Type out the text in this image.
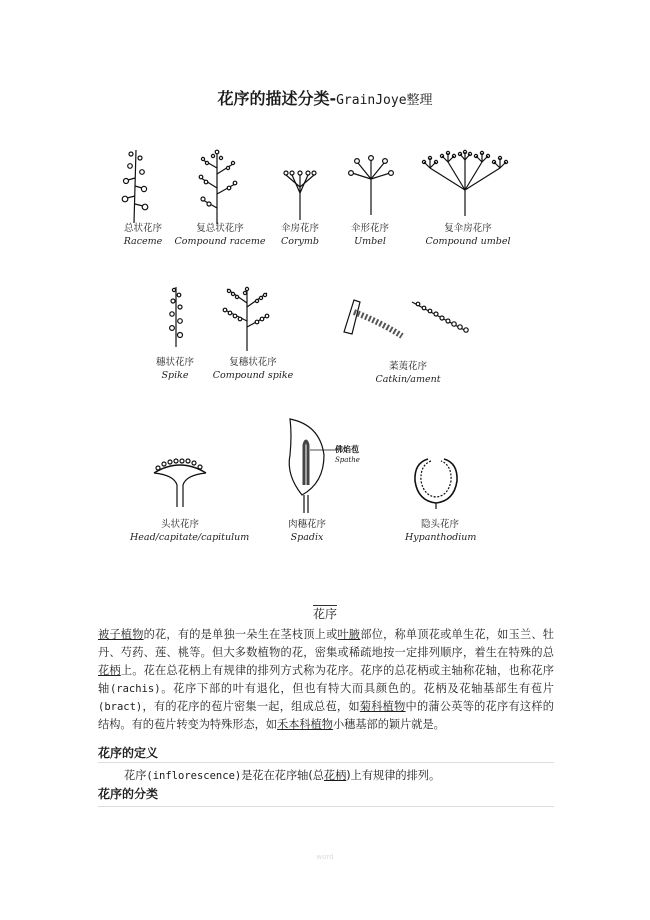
花序的描述分类-GrainJoye整理
总状花序
Raceme
复总状花序
Compound raceme
伞房花序
Corymb
伞形花序
Umbel
复伞房花序
Compound umbel
穗状花序
Spike
复穗状花序
Compound spike
葇荑花序
Catkin/ament
头状花序
Head/capitate/capitulum
佛焰苞
Spathe
肉穗花序
Spadix
隐头花序
Hypanthodium
花序
被子植物的花，有的是单独一朵生在茎枝顶上或叶腋部位，称单顶花或单生花，如玉兰、牡丹、芍药、莲、桃等。但大多数植物的花，密集或稀疏地按一定排列顺序，着生在特殊的总花柄上。花在总花柄上有规律的排列方式称为花序。花序的总花柄或主轴称花轴，也称花序轴(rachis)。花序下部的叶有退化，但也有特大而具颜色的。花柄及花轴基部生有苞片(bract)，有的花序的苞片密集一起，组成总苞，如菊科植物中的蒲公英等的花序有这样的结构。有的苞片转变为特殊形态，如禾本科植物小穗基部的颖片就是。
花序的定义
花序(inflorescence)是花在花序轴(总花柄)上有规律的排列。
花序的分类
word
